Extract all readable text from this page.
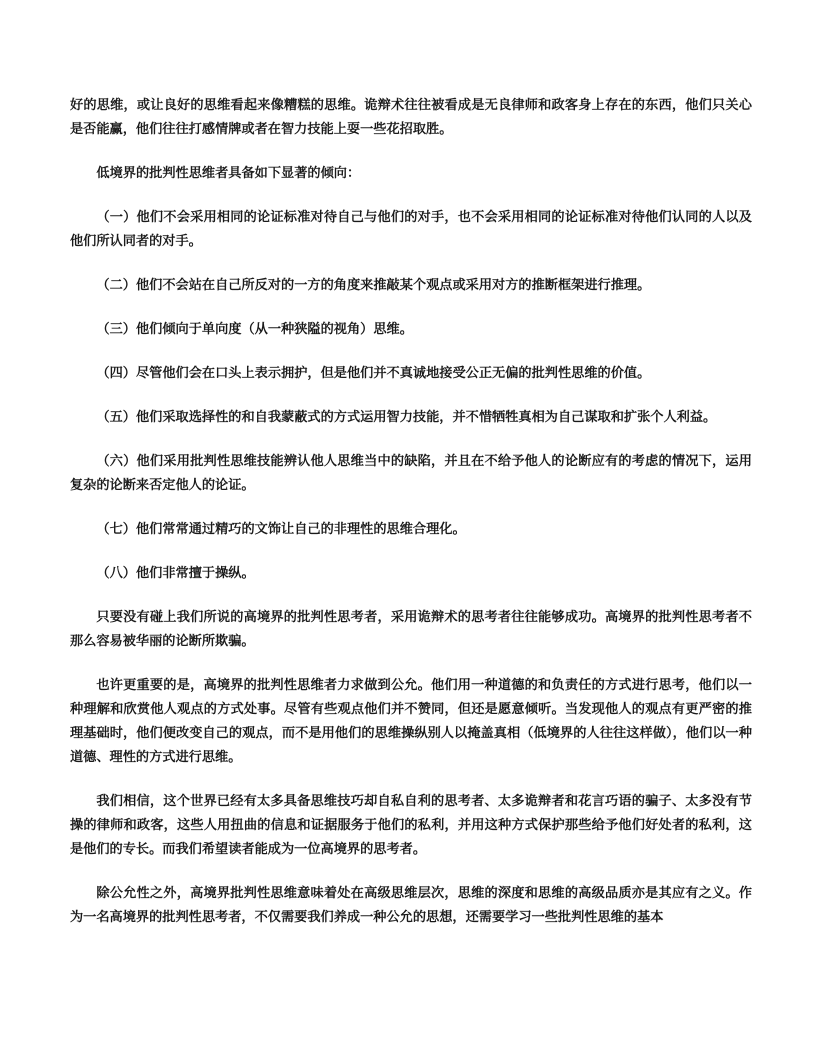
好的思维，或让良好的思维看起来像糟糕的思维。诡辩术往往被看成是无良律师和政客身上存在的东西，他们只关心是否能赢，他们往往打感情牌或者在智力技能上耍一些花招取胜。

低境界的批判性思维者具备如下显著的倾向：

（一）他们不会采用相同的论证标准对待自己与他们的对手，也不会采用相同的论证标准对待他们认同的人以及他们所认同者的对手。

（二）他们不会站在自己所反对的一方的角度来推敲某个观点或采用对方的推断框架进行推理。

（三）他们倾向于单向度（从一种狭隘的视角）思维。

（四）尽管他们会在口头上表示拥护，但是他们并不真诚地接受公正无偏的批判性思维的价值。

（五）他们采取选择性的和自我蒙蔽式的方式运用智力技能，并不惜牺牲真相为自己谋取和扩张个人利益。

（六）他们采用批判性思维技能辨认他人思维当中的缺陷，并且在不给予他人的论断应有的考虑的情况下，运用复杂的论断来否定他人的论证。

（七）他们常常通过精巧的文饰让自己的非理性的思维合理化。

（八）他们非常擅于操纵。

只要没有碰上我们所说的高境界的批判性思考者，采用诡辩术的思考者往往能够成功。高境界的批判性思考者不那么容易被华丽的论断所欺骗。

也许更重要的是，高境界的批判性思维者力求做到公允。他们用一种道德的和负责任的方式进行思考，他们以一种理解和欣赏他人观点的方式处事。尽管有些观点他们并不赞同，但还是愿意倾听。当发现他人的观点有更严密的推理基础时，他们便改变自己的观点，而不是用他们的思维操纵别人以掩盖真相（低境界的人往往这样做），他们以一种道德、理性的方式进行思维。

我们相信，这个世界已经有太多具备思维技巧却自私自利的思考者、太多诡辩者和花言巧语的骗子、太多没有节操的律师和政客，这些人用扭曲的信息和证据服务于他们的私利，并用这种方式保护那些给予他们好处者的私利，这是他们的专长。而我们希望读者能成为一位高境界的思考者。

除公允性之外，高境界批判性思维意味着处在高级思维层次，思维的深度和思维的高级品质亦是其应有之义。作为一名高境界的批判性思考者，不仅需要我们养成一种公允的思想，还需要学习一些批判性思维的基本
